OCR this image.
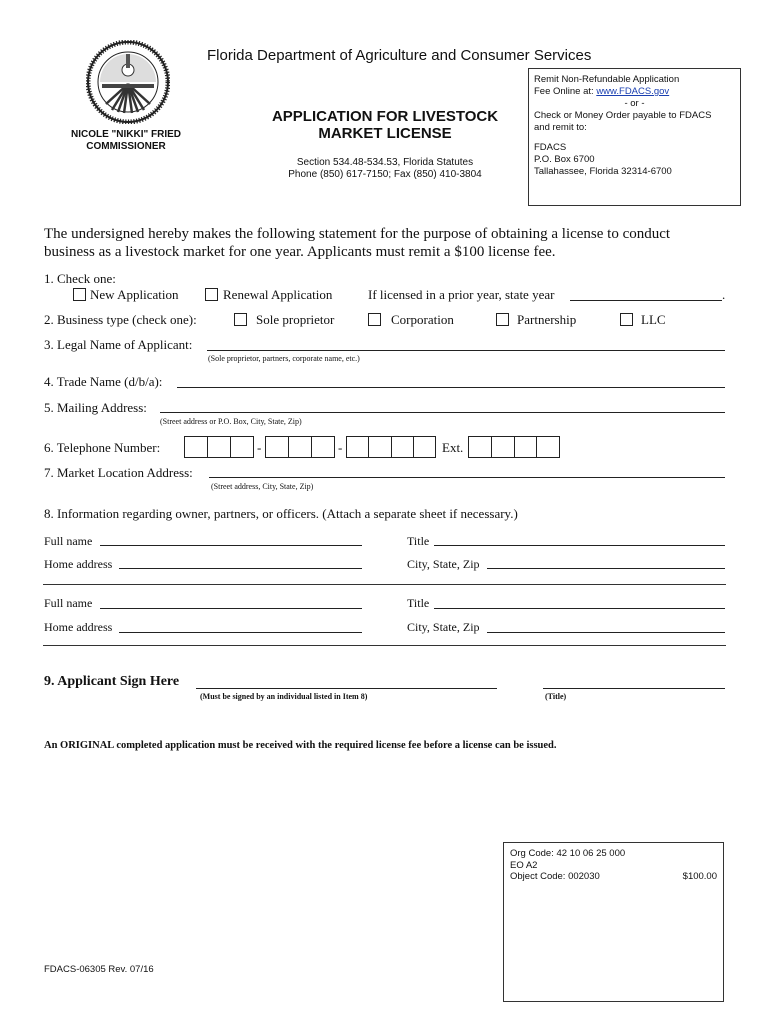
Florida Department of Agriculture and Consumer Services
NICOLE "NIKKI" FRIED
COMMISSIONER
APPLICATION FOR LIVESTOCK
MARKET LICENSE
Section 534.48-534.53, Florida Statutes
Phone (850) 617-7150; Fax (850) 410-3804
Remit Non-Refundable Application
Fee Online at: www.FDACS.gov
- or -
Check or Money Order payable to FDACS
and remit to:
FDACS
P.O. Box 6700
Tallahassee, Florida 32314-6700
The undersigned hereby makes the following statement for the purpose of obtaining a license to conduct
business as a livestock market for one year. Applicants must remit a $100 license fee.
1. Check one:
New Application	Renewal Application	If licensed in a prior year, state year	.
2. Business type (check one):	Sole proprietor	Corporation	Partnership	LLC
3. Legal Name of Applicant:
(Sole proprietor, partners, corporate name, etc.)
4. Trade Name (d/b/a):
5. Mailing Address:
(Street address or P.O. Box, City, State, Zip)
6. Telephone Number:	-	-	Ext.
7. Market Location Address:
(Street address, City, State, Zip)
8. Information regarding owner, partners, or officers. (Attach a separate sheet if necessary.)
Full name	Title
Home address	City, State, Zip
Full name	Title
Home address	City, State, Zip
9. Applicant Sign Here
(Must be signed by an individual listed in Item 8)	(Title)
An ORIGINAL completed application must be received with the required license fee before a license can be issued.
Org Code: 42 10 06 25 000
EO A2
Object Code: 002030	$100.00
FDACS-06305 Rev. 07/16
